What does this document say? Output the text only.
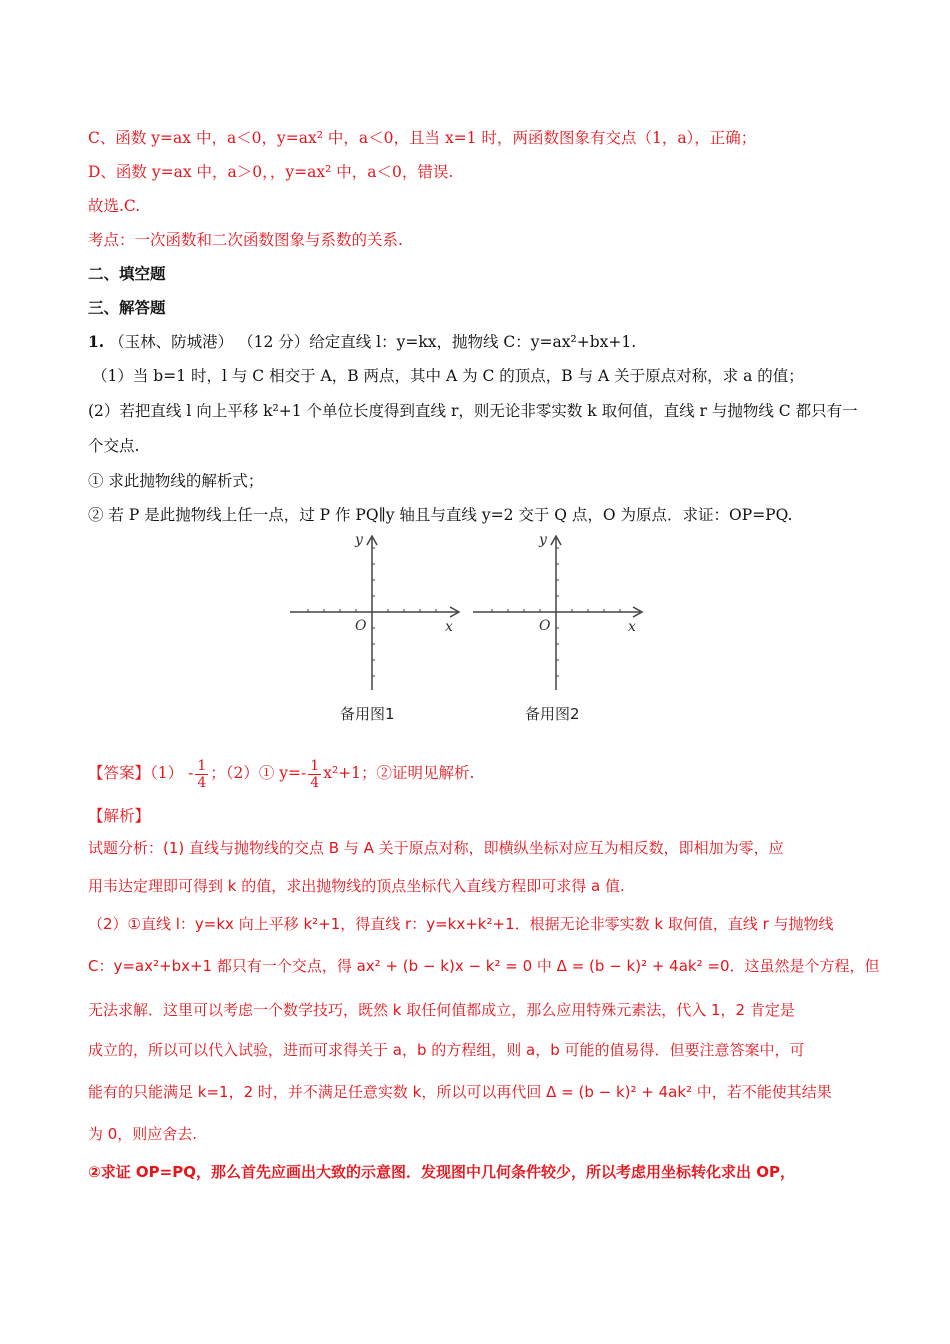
C、函数 y=ax 中，a＜0，y=ax² 中，a＜0，且当 x=1 时，两函数图象有交点（1，a），正确；
D、函数 y=ax 中，a＞0，，y=ax² 中，a＜0，错误.
故选.C.
考点：一次函数和二次函数图象与系数的关系.
二、填空题
三、解答题
1. （玉林、防城港） （12 分）给定直线 l：y=kx，抛物线 C：y=ax²+bx+1.
（1）当 b=1 时，l 与 C 相交于 A，B 两点，其中 A 为 C 的顶点，B 与 A 关于原点对称，求 a 的值；
(2）若把直线 l 向上平移 k²+1 个单位长度得到直线 r，则无论非零实数 k 取何值，直线 r 与抛物线 C 都只有一
个交点.
① 求此抛物线的解析式；
② 若 P 是此抛物线上任一点，过 P 作 PQ∥y 轴且与直线 y=2 交于 Q 点，O 为原点．求证：OP=PQ.
y
x
O
备用图1
y
x
O
备用图2
【答案】$(1) - \frac{1}{4}$ ；（2）① $y=- \frac{1}{4} x^2+1$；②证明见解析.
【解析】
试题分析：(1) 直线与抛物线的交点 B 与 A 关于原点对称，即横纵坐标对应互为相反数，即相加为零，应
用韦达定理即可得到 k 的值，求出抛物线的顶点坐标代入直线方程即可求得 a 值.
（2）①直线 l：y=kx 向上平移 k²+1，得直线 r：y=kx+k²+1．根据无论非零实数 k 取何值，直线 r 与抛物线
C：y=ax²+bx+1 都只有一个交点，得 ax² + (b − k)x − k² = 0 中 Δ = (b − k)² + 4ak² =0．这虽然是个方程，但
无法求解．这里可以考虑一个数学技巧，既然 k 取任何值都成立，那么应用特殊元素法，代入 1，2 肯定是
成立的，所以可以代入试验，进而可求得关于 a，b 的方程组，则 a，b 可能的值易得．但要注意答案中，可
能有的只能满足 k=1，2 时，并不满足任意实数 k，所以可以再代回 Δ = (b − k)² + 4ak² 中，若不能使其结果
为 0，则应舍去.
②求证 OP=PQ，那么首先应画出大致的示意图．发现图中几何条件较少，所以考虑用坐标转化求出 OP，
